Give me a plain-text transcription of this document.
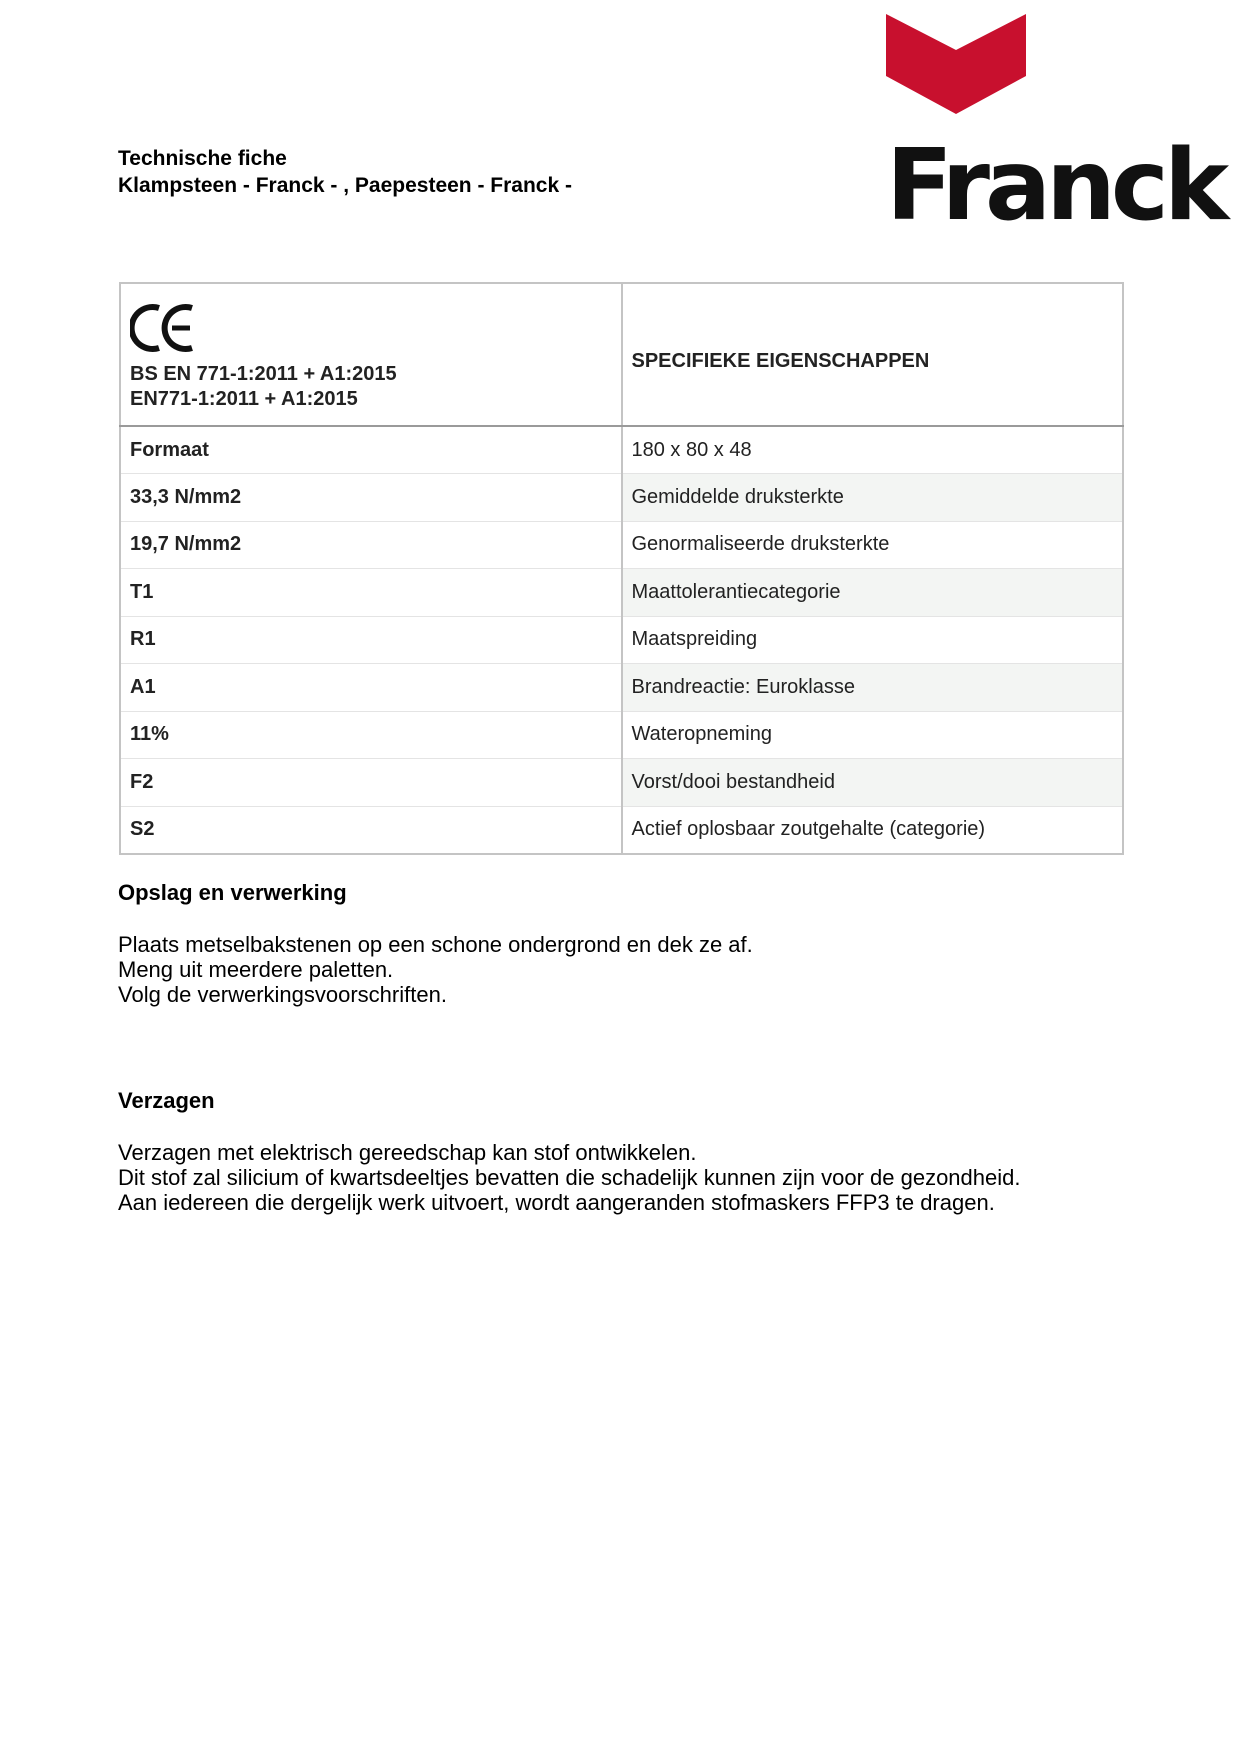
Technische fiche
Klampsteen - Franck - , Paepesteen - Franck -	Franck
BS EN 771-1:2011 + A1:2015
EN771-1:2011 + A1:2015	SPECIFIEKE EIGENSCHAPPEN

Formaat	180 x 80 x 48
33,3 N/mm2	Gemiddelde druksterkte
19,7 N/mm2	Genormaliseerde druksterkte
T1	Maattolerantiecategorie
R1	Maatspreiding
A1	Brandreactie: Euroklasse
11%	Wateropneming
F2	Vorst/dooi bestandheid
S2	Actief oplosbaar zoutgehalte (categorie)
Opslag en verwerking
Plaats metselbakstenen op een schone ondergrond en dek ze af.
Meng uit meerdere paletten.
Volg de verwerkingsvoorschriften.
Verzagen
Verzagen met elektrisch gereedschap kan stof ontwikkelen.
Dit stof zal silicium of kwartsdeeltjes bevatten die schadelijk kunnen zijn voor de gezondheid.
Aan iedereen die dergelijk werk uitvoert, wordt aangeranden stofmaskers FFP3 te dragen.
